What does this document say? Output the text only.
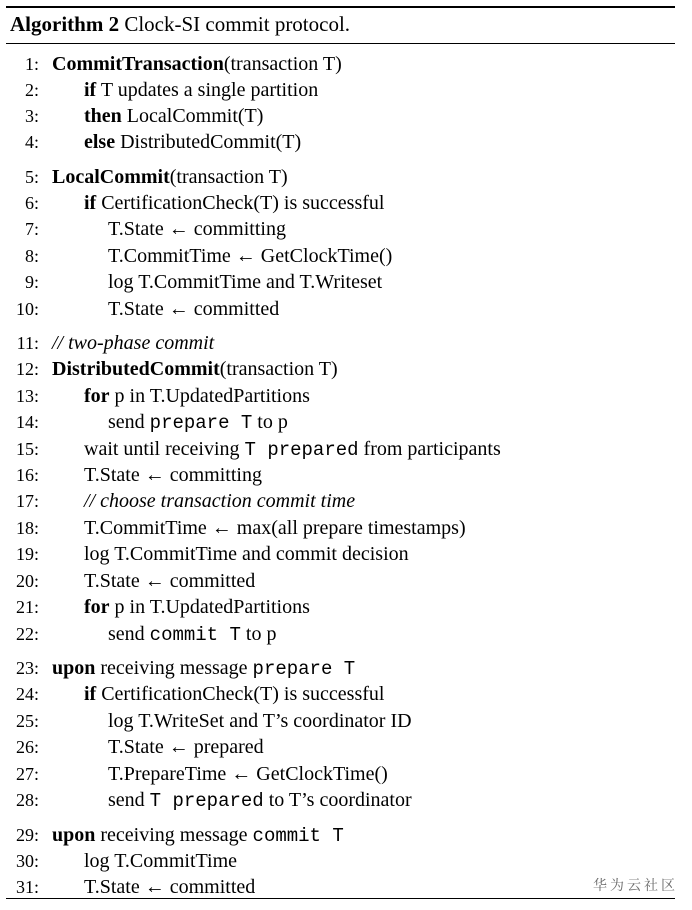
Algorithm 2 Clock-SI commit protocol.
1: CommitTransaction(transaction T)
2: if T updates a single partition
3: then LocalCommit(T)
4: else DistributedCommit(T)
5: LocalCommit(transaction T)
6: if CertificationCheck(T) is successful
7:	T.State ← committing
8:	T.CommitTime ← GetClockTime()
9:	log T.CommitTime and T.Writeset
10:	T.State ← committed
11: // two-phase commit
12: DistributedCommit(transaction T)
13: for p in T.UpdatedPartitions
14:	send prepare T to p
15: wait until receiving T prepared from participants
16: T.State ← committing
17: // choose transaction commit time
18: T.CommitTime ← max(all prepare timestamps)
19: log T.CommitTime and commit decision
20: T.State ← committed
21: for p in T.UpdatedPartitions
22:	send commit T to p
23: upon receiving message prepare T
24: if CertificationCheck(T) is successful
25:	log T.WriteSet and T’s coordinator ID
26:	T.State ← prepared
27:	T.PrepareTime ← GetClockTime()
28:	send T prepared to T’s coordinator
29: upon receiving message commit T
30: log T.CommitTime
31: T.State ← committed	华为云社区
